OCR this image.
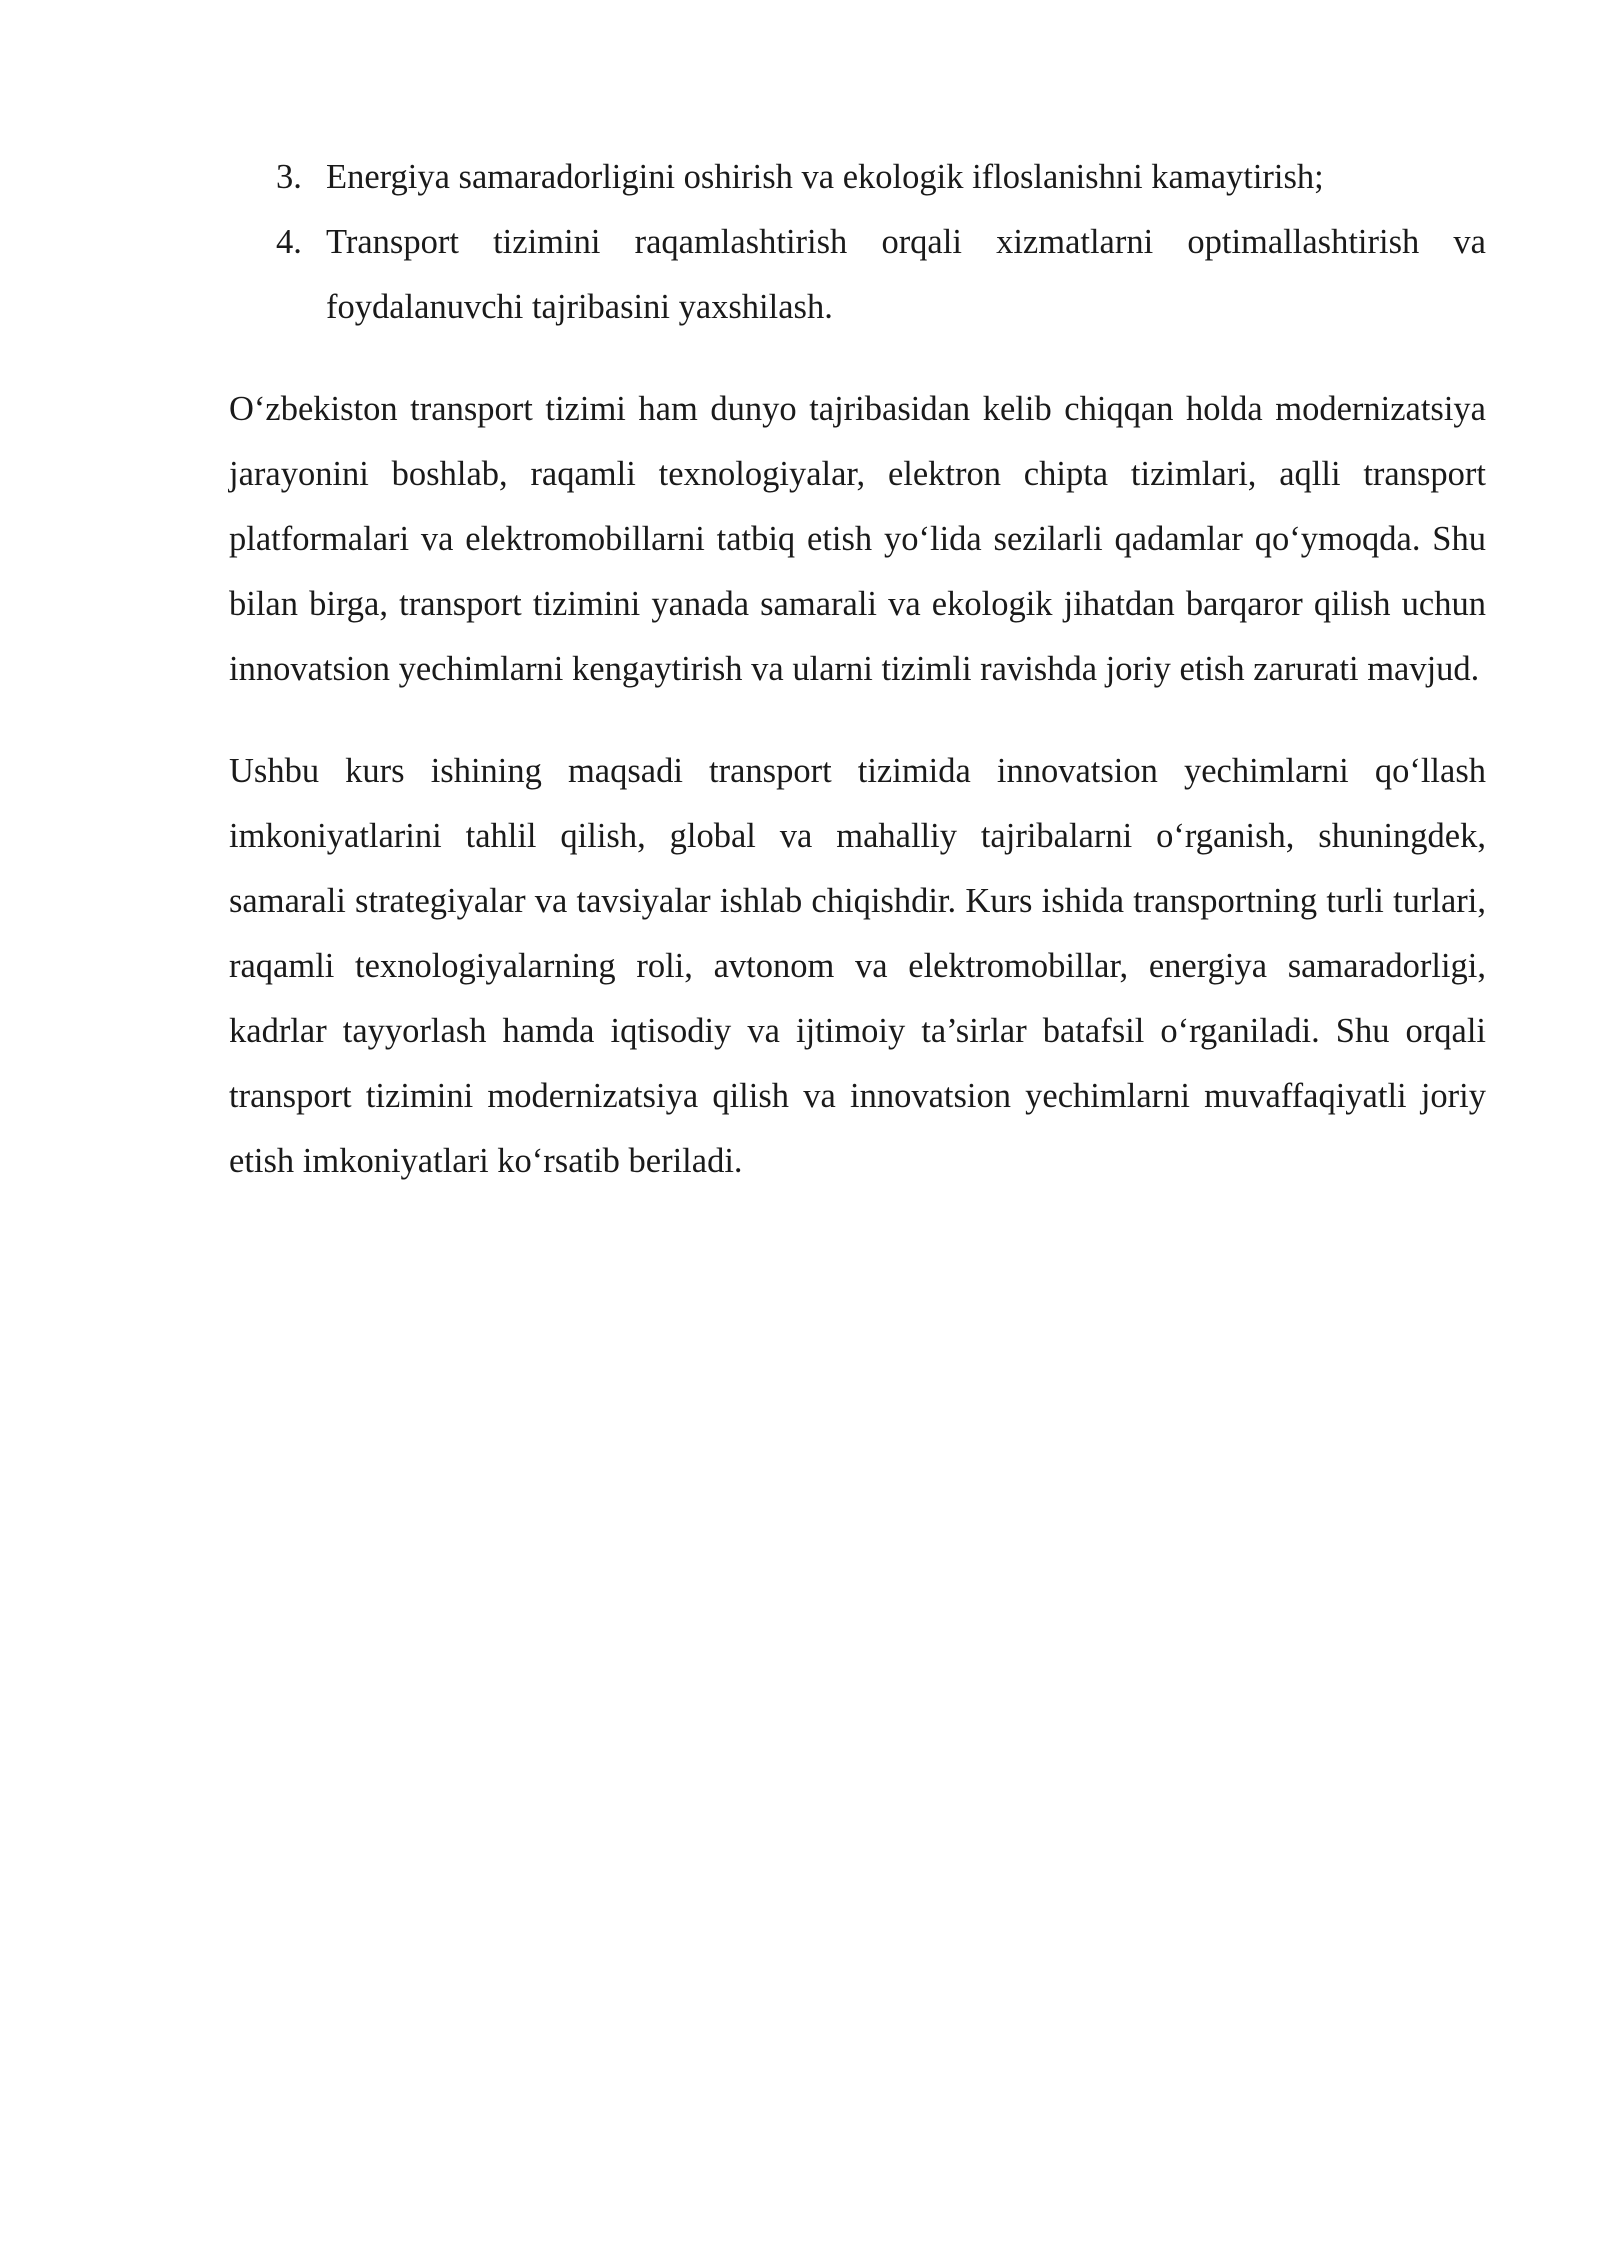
3. Energiya samaradorligini oshirish va ekologik ifloslanishni kamaytirish;
4. Transport tizimini raqamlashtirish orqali xizmatlarni optimallashtirish va foydalanuvchi tajribasini yaxshilash.

O‘zbekiston transport tizimi ham dunyo tajribasidan kelib chiqqan holda modernizatsiya jarayonini boshlab, raqamli texnologiyalar, elektron chipta tizimlari, aqlli transport platformalari va elektromobillarni tatbiq etish yo‘lida sezilarli qadamlar qo‘ymoqda. Shu bilan birga, transport tizimini yanada samarali va ekologik jihatdan barqaror qilish uchun innovatsion yechimlarni kengaytirish va ularni tizimli ravishda joriy etish zarurati mavjud.

Ushbu kurs ishining maqsadi transport tizimida innovatsion yechimlarni qo‘llash imkoniyatlarini tahlil qilish, global va mahalliy tajribalarni o‘rganish, shuningdek, samarali strategiyalar va tavsiyalar ishlab chiqishdir. Kurs ishida transportning turli turlari, raqamli texnologiyalarning roli, avtonom va elektromobillar, energiya samaradorligi, kadrlar tayyorlash hamda iqtisodiy va ijtimoiy ta’sirlar batafsil o‘rganiladi. Shu orqali transport tizimini modernizatsiya qilish va innovatsion yechimlarni muvaffaqiyatli joriy etish imkoniyatlari ko‘rsatib beriladi.
